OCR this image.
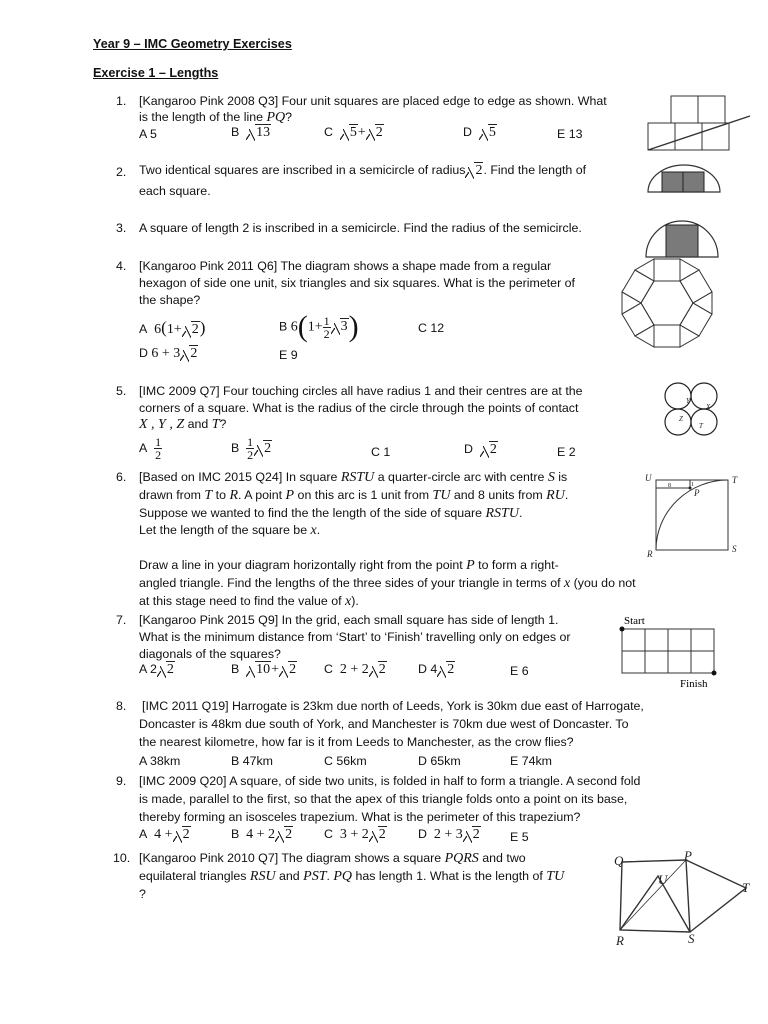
Year 9 – IMC Geometry Exercises
Exercise 1 – Lengths
1. [Kangaroo Pink 2008 Q3] Four unit squares are placed edge to edge as shown. What
is the length of the line PQ?
A 5	B 13	C 5+ 2	D 5	E 13
2. Two identical squares are inscribed in a semicircle of radius 2. Find the length of
each square.
3. A square of length 2 is inscribed in a semicircle. Find the radius of the semicircle.
4. [Kangaroo Pink 2011 Q6] The diagram shows a shape made from a regular
hexagon of side one unit, six triangles and six squares. What is the perimeter of
the shape?
A 6(1+ 2)	B $6(1+ \frac{1}{2} 3)$	C 12
D 6 + 3 2	E 9
5. [IMC 2009 Q7] Four touching circles all have radius 1 and their centres are at the
corners of a square. What is the radius of the circle through the points of contact
X , Y , Z and T?
A $\frac{1}{2}$	B $\frac{1}{2} 2$	C 1	D 2	E 2
Y
X
Z
T
6. [Based on IMC 2015 Q24] In square RSTU a quarter-circle arc with centre S is
drawn from T to R. A point P on this arc is 1 unit from TU and 8 units from RU.
Suppose we wanted to find the the length of the side of square RSTU.
Let the length of the square be x.
Draw a line in your diagram horizontally right from the point P to form a right-
angled triangle. Find the lengths of the three sides of your triangle in terms of x (you do not
at this stage need to find the value of x).
U	T
R	S
P
8	1
7. [Kangaroo Pink 2015 Q9] In the grid, each small square has side of length 1.
What is the minimum distance from ‘Start’ to ‘Finish’ travelling only on edges or
diagonals of the squares?
A 2 2	B 10+ 2 C 2 + 2 2	D 4 2	E 6
Start
Finish
8. [IMC 2011 Q19] Harrogate is 23km due north of Leeds, York is 30km due east of Harrogate,
Doncaster is 48km due south of York, and Manchester is 70km due west of Doncaster. To
the nearest kilometre, how far is it from Leeds to Manchester, as the crow flies?
A 38km	B 47km	C 56km	D 65km	E 74km
9. [IMC 2009 Q20] A square, of side two units, is folded in half to form a triangle. A second fold
is made, parallel to the first, so that the apex of this triangle folds onto a point on its base,
thereby forming an isosceles trapezium. What is the perimeter of this trapezium?
A 4 + 2	B 4 + 2 2	C 3 + 2 2	D 2 + 3 2 E 5
10. [Kangaroo Pink 2010 Q7] The diagram shows a square PQRS and two
equilateral triangles RSU and PST. PQ has length 1. What is the length of TU
?
Q	P
U
T
R	S
